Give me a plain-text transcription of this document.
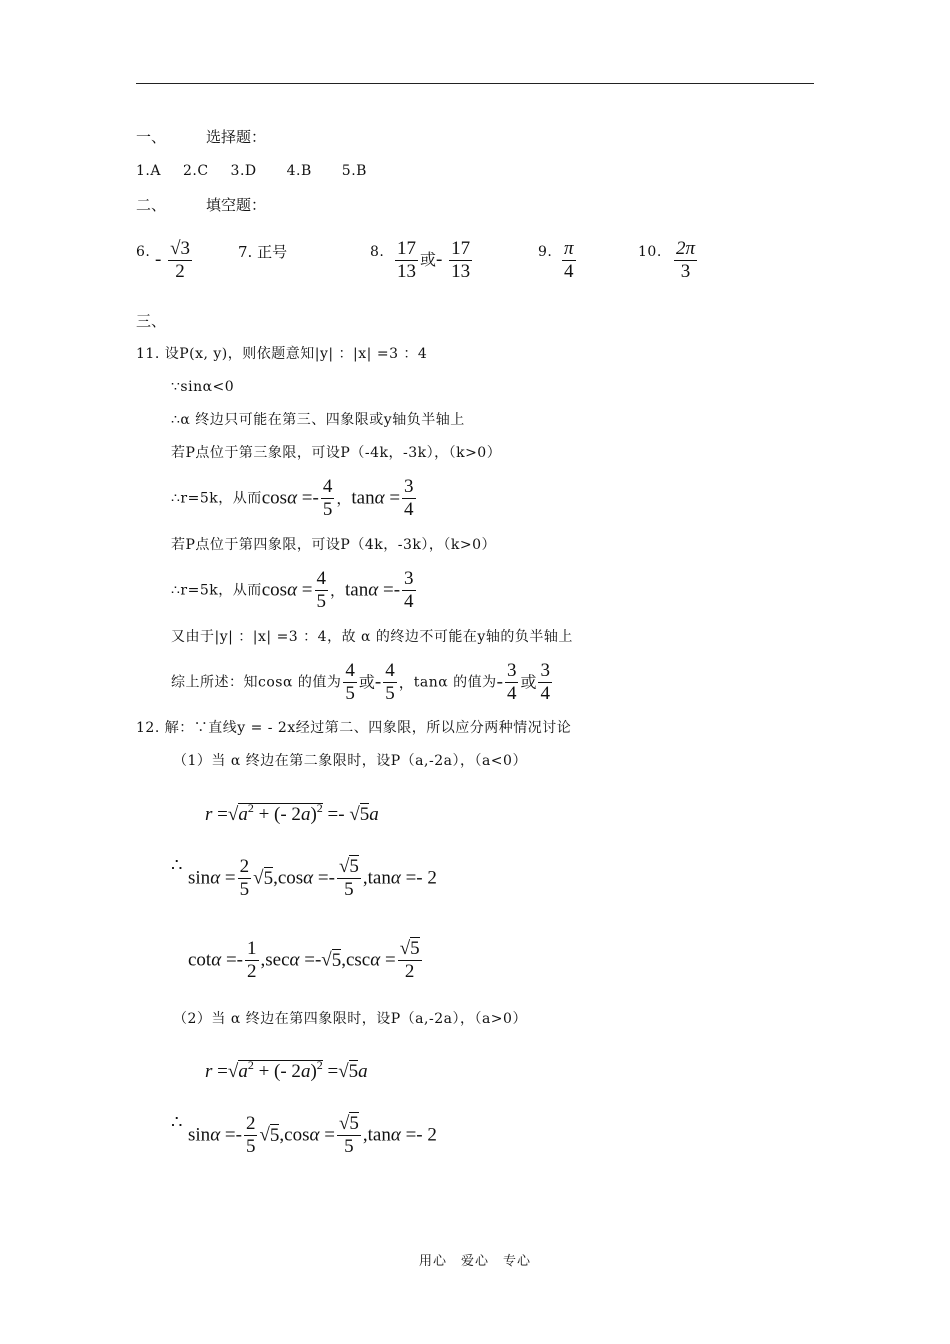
一、	选择题：
1.A 2.C 3.D 4.B 5.B
二、	填空题：
6. - $\frac{√3}{2}$	7. 正号	8. $\frac{17}{13}$ 或- $\frac{17}{13}$	9. $\frac{\pi}{4}$	10. $\frac{2\pi}{3}$
三、
11. 设P(x, y)，则依题意知|y| ：|x| =3 ：4
∵sinα<0
∴α 终边只可能在第三、四象限或y轴负半轴上
若P点位于第三象限，可设P（-4k，-3k），（k>0）
∴r=5k，从而$\cos\alpha =- \frac{4}{5}$ ，$\tan\alpha = \frac{3}{4}$
若P点位于第四象限，可设P（4k，-3k），（k>0）
∴r=5k，从而$\cos\alpha = \frac{4}{5}$ ，$\tan\alpha =- \frac{3}{4}$
又由于|y| ：|x| =3 ：4，故 α 的终边不可能在y轴的负半轴上
综上所述：知cosα 的值为 $\frac{4}{5}$ 或- $\frac{4}{5}$ ，tanα 的值为- $\frac{3}{4}$ 或 $\frac{3}{4}$
12. 解：∵直线y = - 2x经过第二、四象限，所以应分两种情况讨论
（1）当 α 终边在第二象限时，设P（a,-2a），（a<0）
$r =√a^2$ + (- 2a)$^2$ =- √5a
∴
$\sin\alpha = \frac{2}{5} √5,\cos\alpha =- \frac{√5}{5} ,\tan\alpha =- 2$
$\cot\alpha =- \frac{1}{2} ,\sec\alpha =-√5,\csc\alpha = \frac{√5}{2}$
（2）当 α 终边在第四象限时，设P（a,-2a），（a>0）
$r =√a^2$ + (- 2a)$^2$ =√5a
∴
$\sin\alpha =- \frac{2}{5} √5,\cos\alpha = \frac{√5}{5} ,\tan\alpha =- 2$
用心　爱心　专心
